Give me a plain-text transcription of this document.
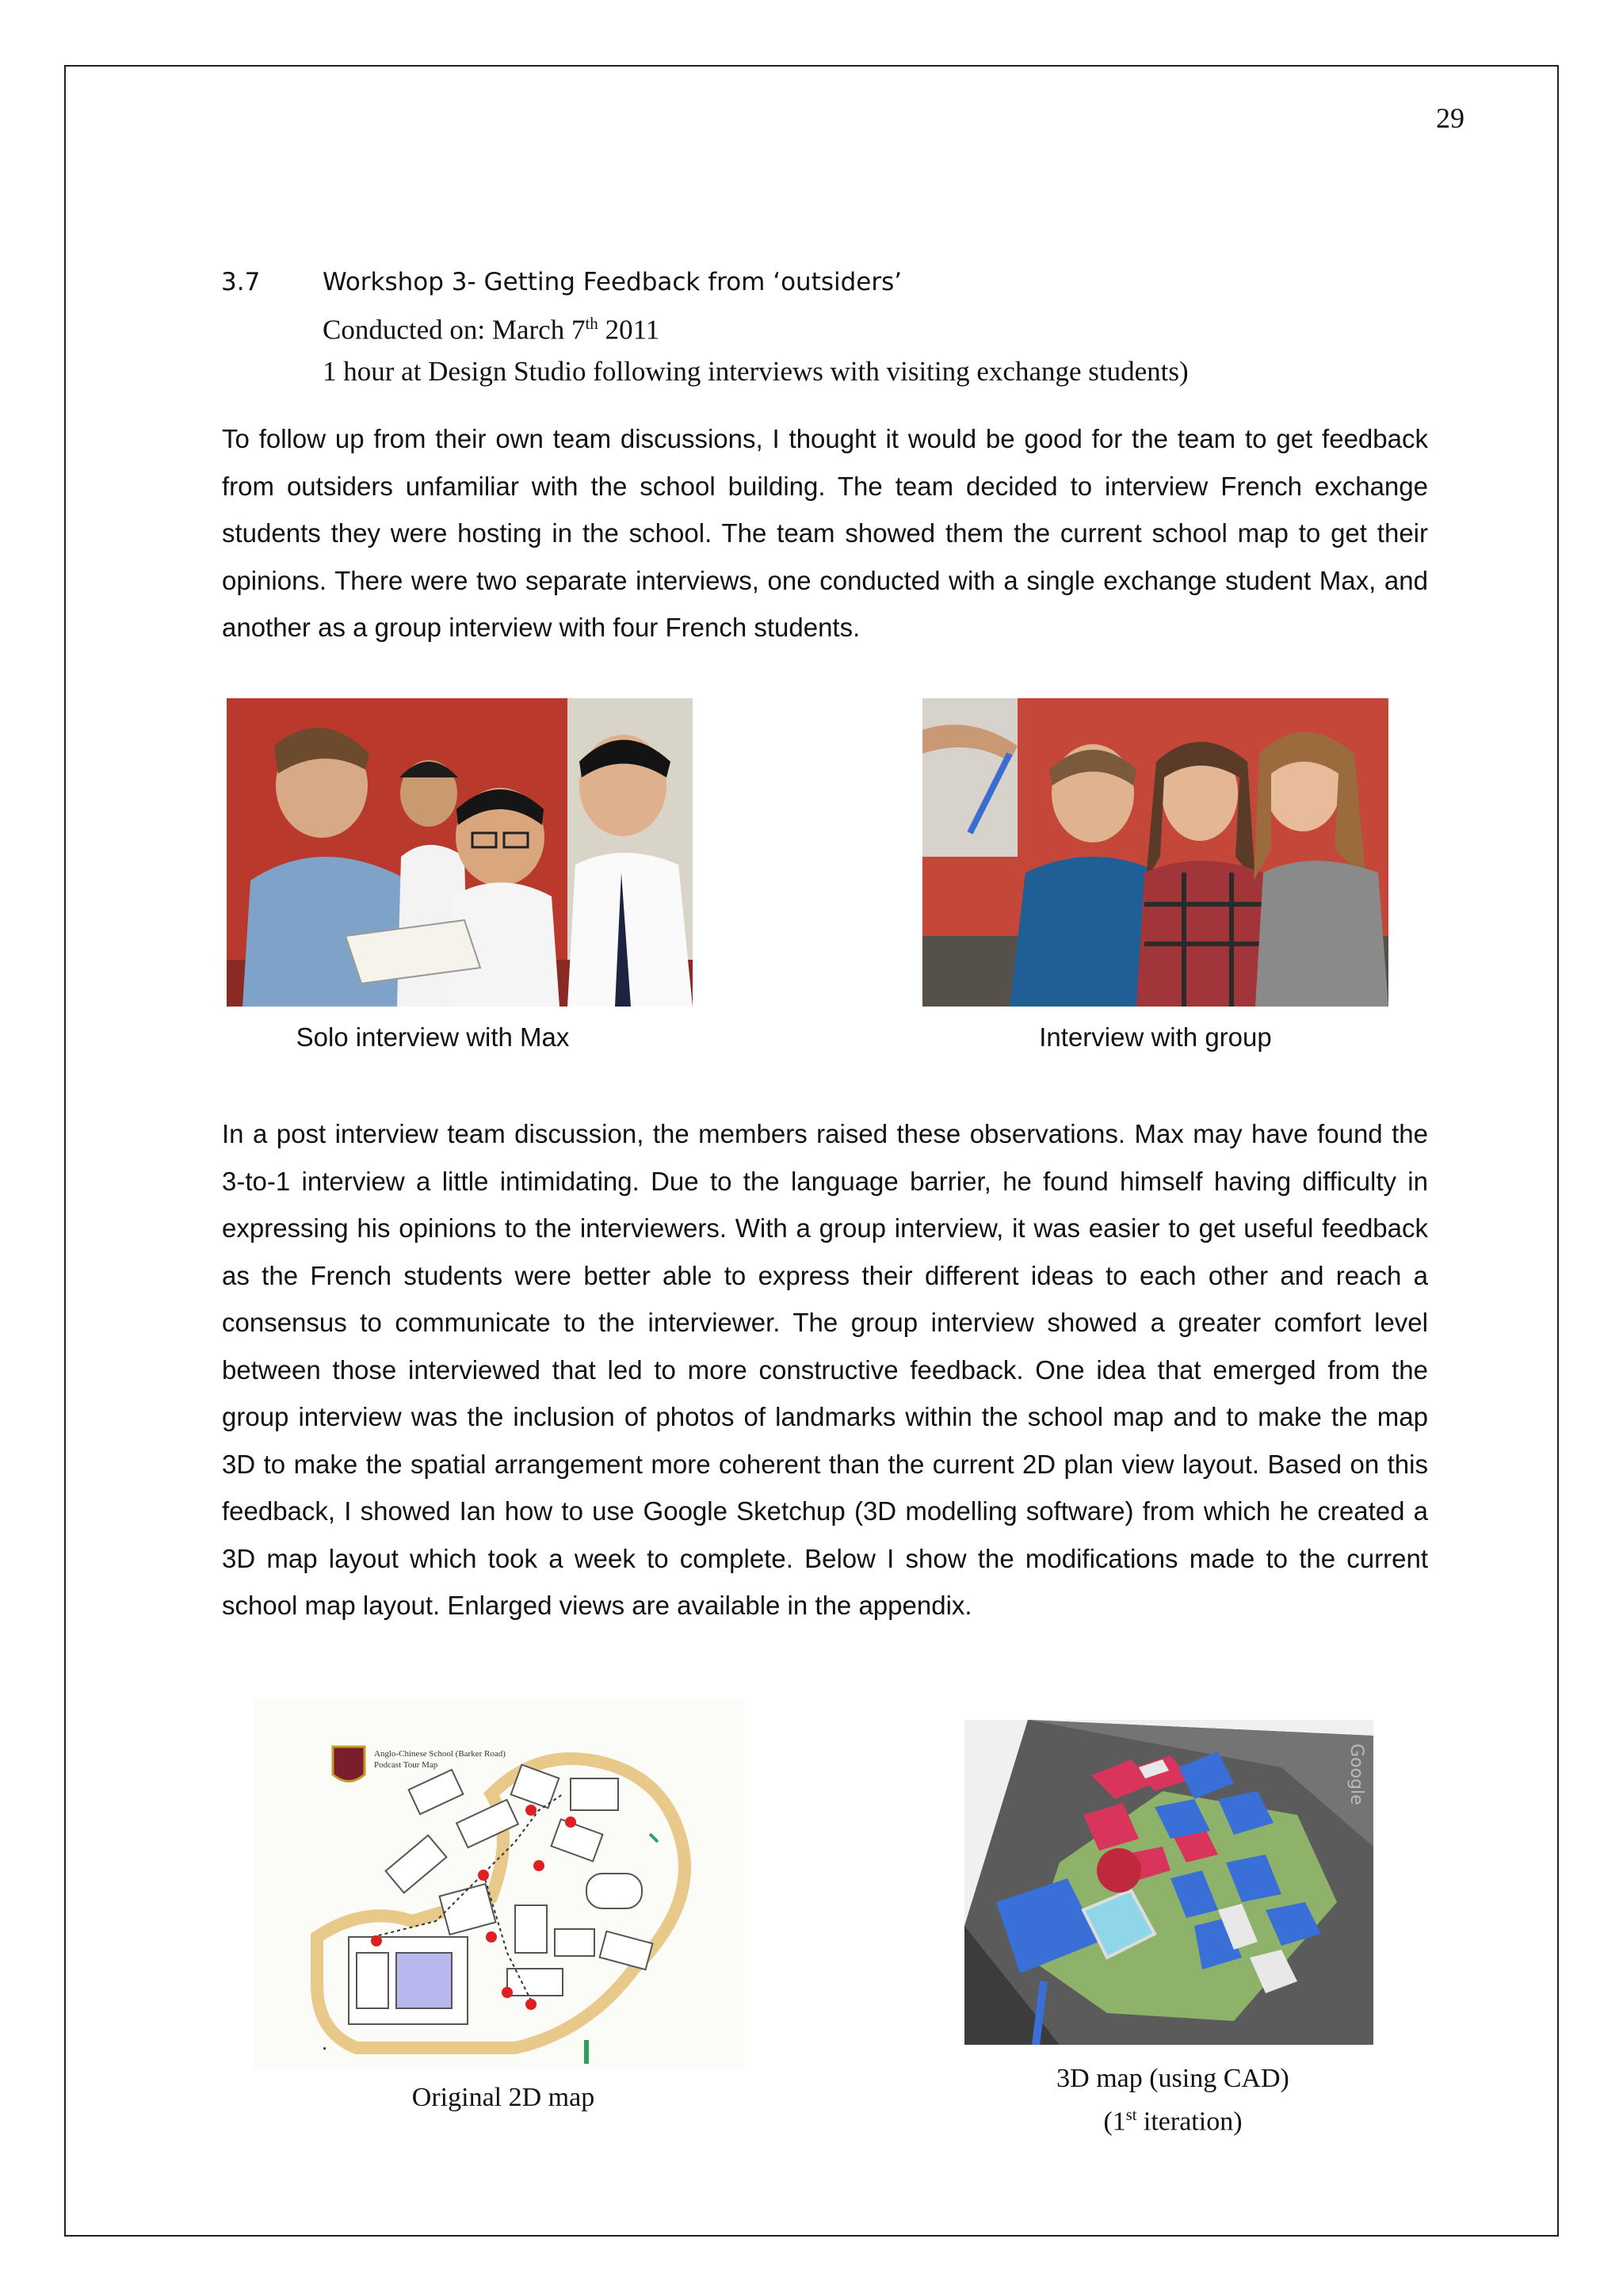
29
3.7	Workshop 3- Getting Feedback from ‘outsiders’
Conducted on: March 7th 2011
1 hour at Design Studio following interviews with visiting exchange students)

To follow up from their own team discussions, I thought it would be good for the team to get feedback from outsiders unfamiliar with the school building. The team decided to interview French exchange students they were hosting in the school. The team showed them the current school map to get their opinions. There were two separate interviews, one conducted with a single exchange student Max, and another as a group interview with four French students.

Solo interview with Max	Interview with group

In a post interview team discussion, the members raised these observations. Max may have found the 3-to-1 interview a little intimidating. Due to the language barrier, he found himself having difficulty in expressing his opinions to the interviewers. With a group interview, it was easier to get useful feedback as the French students were better able to express their different ideas to each other and reach a consensus to communicate to the interviewer. The group interview showed a greater comfort level between those interviewed that led to more constructive feedback. One idea that emerged from the group interview was the inclusion of photos of landmarks within the school map and to make the map 3D to make the spatial arrangement more coherent than the current 2D plan view layout. Based on this feedback, I showed Ian how to use Google Sketchup (3D modelling software) from which he created a 3D map layout which took a week to complete. Below I show the modifications made to the current school map layout. Enlarged views are available in the appendix.

Anglo-Chinese School (Barker Road)
Podcast Tour Map
.
Google
Original 2D map
3D map (using CAD)
(1st iteration)
